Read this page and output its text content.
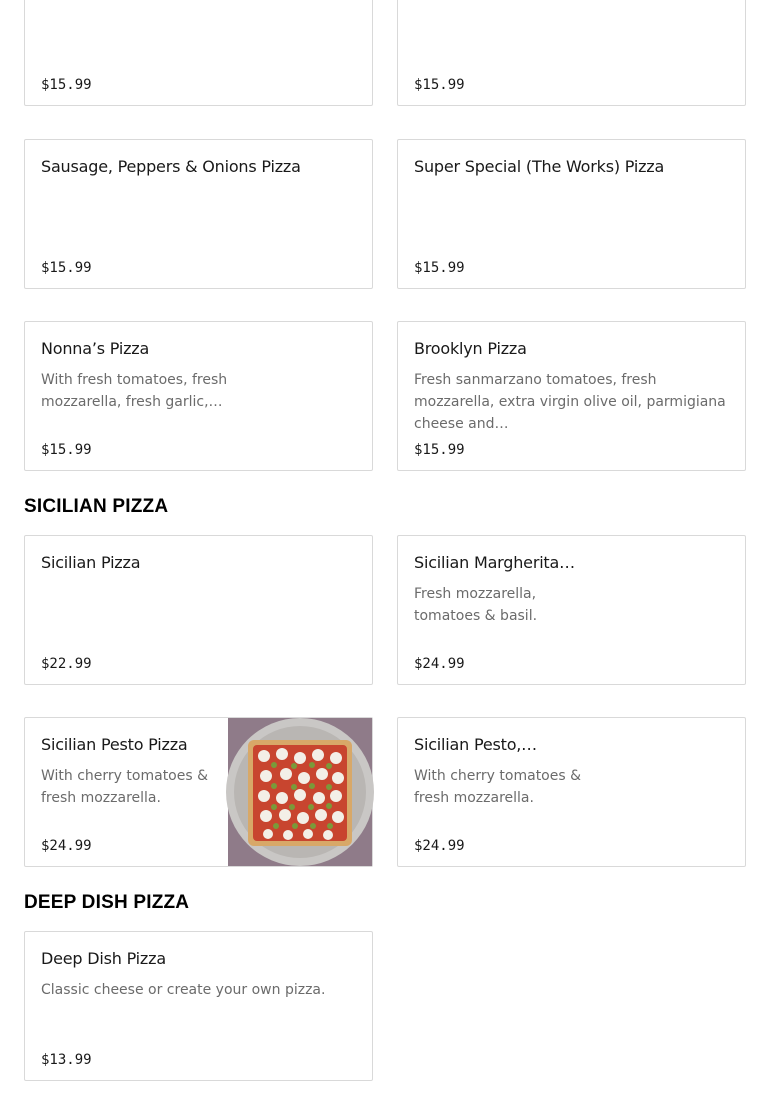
$15.99	$15.99
Sausage, Peppers & Onions Pizza
$15.99
Super Special (The Works) Pizza
$15.99
Nonna’s Pizza
With fresh tomatoes, fresh mozzarella, fresh garlic,…
$15.99
Brooklyn Pizza
Fresh sanmarzano tomatoes, fresh mozzarella, extra virgin olive oil, parmigiana cheese and…
$15.99
SICILIAN PIZZA
Sicilian Pizza
$22.99
Sicilian Margherita…
Fresh mozzarella, tomatoes & basil.
$24.99
Sicilian Pesto Pizza
With cherry tomatoes & fresh mozzarella.
$24.99
Sicilian Pesto,…
With cherry tomatoes & fresh mozzarella.
$24.99
DEEP DISH PIZZA
Deep Dish Pizza
Classic cheese or create your own pizza.
$13.99
